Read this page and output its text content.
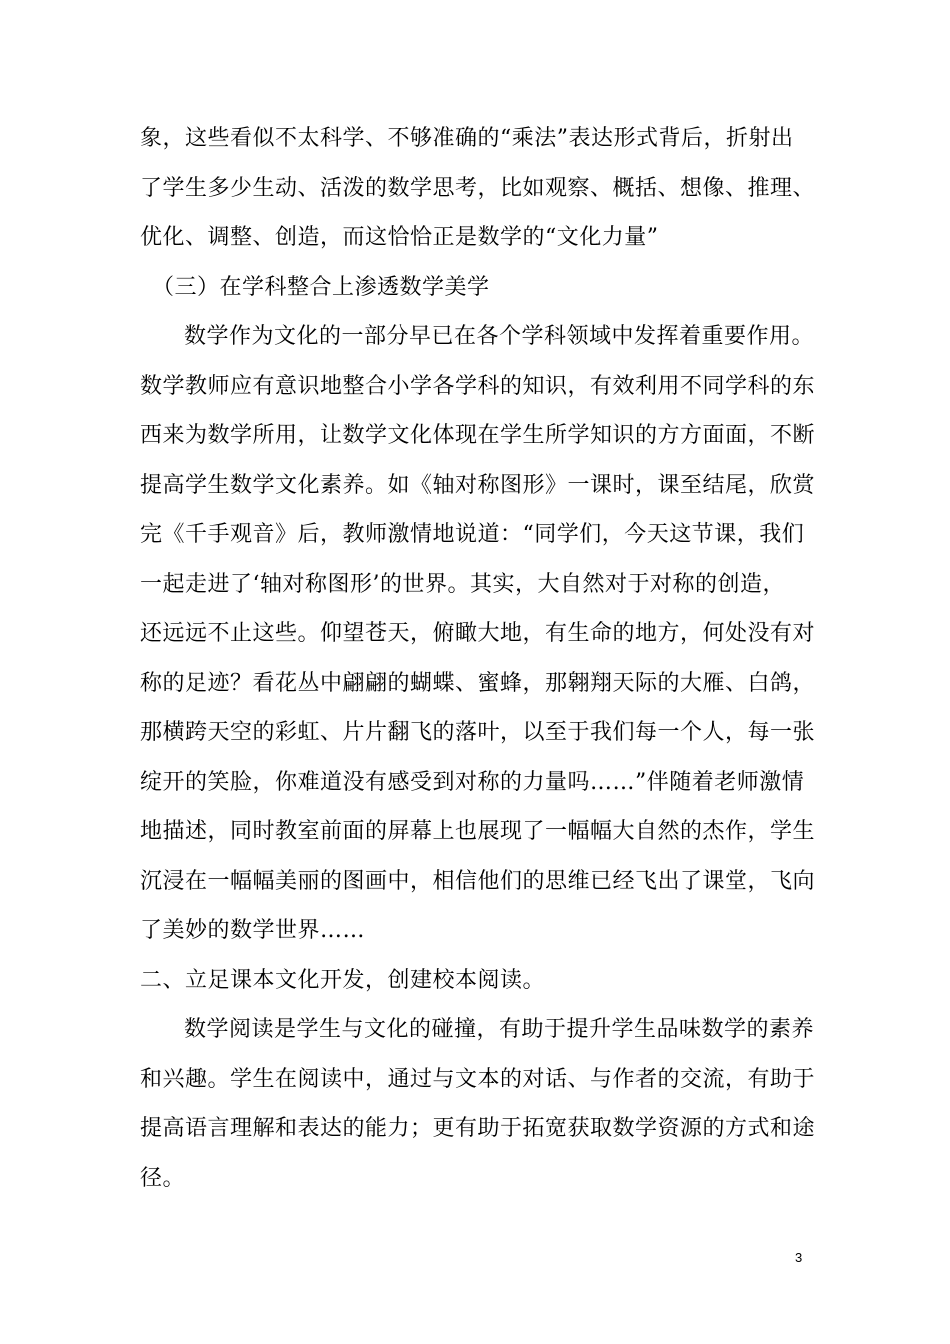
象，这些看似不太科学、不够准确的“乘法”表达形式背后，折射出
了学生多少生动、活泼的数学思考，比如观察、概括、想像、推理、
优化、调整、创造，而这恰恰正是数学的“文化力量”
（三）在学科整合上渗透数学美学
数学作为文化的一部分早已在各个学科领域中发挥着重要作用。
数学教师应有意识地整合小学各学科的知识，有效利用不同学科的东
西来为数学所用，让数学文化体现在学生所学知识的方方面面，不断
提高学生数学文化素养。如《轴对称图形》一课时，课至结尾，欣赏
完《千手观音》后，教师激情地说道：“同学们，今天这节课，我们
一起走进了‘轴对称图形’的世界。其实，大自然对于对称的创造，
还远远不止这些。仰望苍天，俯瞰大地，有生命的地方，何处没有对
称的足迹？看花丛中翩翩的蝴蝶、蜜蜂，那翱翔天际的大雁、白鸽，
那横跨天空的彩虹、片片翻飞的落叶，以至于我们每一个人，每一张
绽开的笑脸，你难道没有感受到对称的力量吗……”伴随着老师激情
地描述，同时教室前面的屏幕上也展现了一幅幅大自然的杰作，学生
沉浸在一幅幅美丽的图画中，相信他们的思维已经飞出了课堂，飞向
了美妙的数学世界……
二、立足课本文化开发，创建校本阅读。
数学阅读是学生与文化的碰撞，有助于提升学生品味数学的素养
和兴趣。学生在阅读中，通过与文本的对话、与作者的交流，有助于
提高语言理解和表达的能力；更有助于拓宽获取数学资源的方式和途
径。
3
